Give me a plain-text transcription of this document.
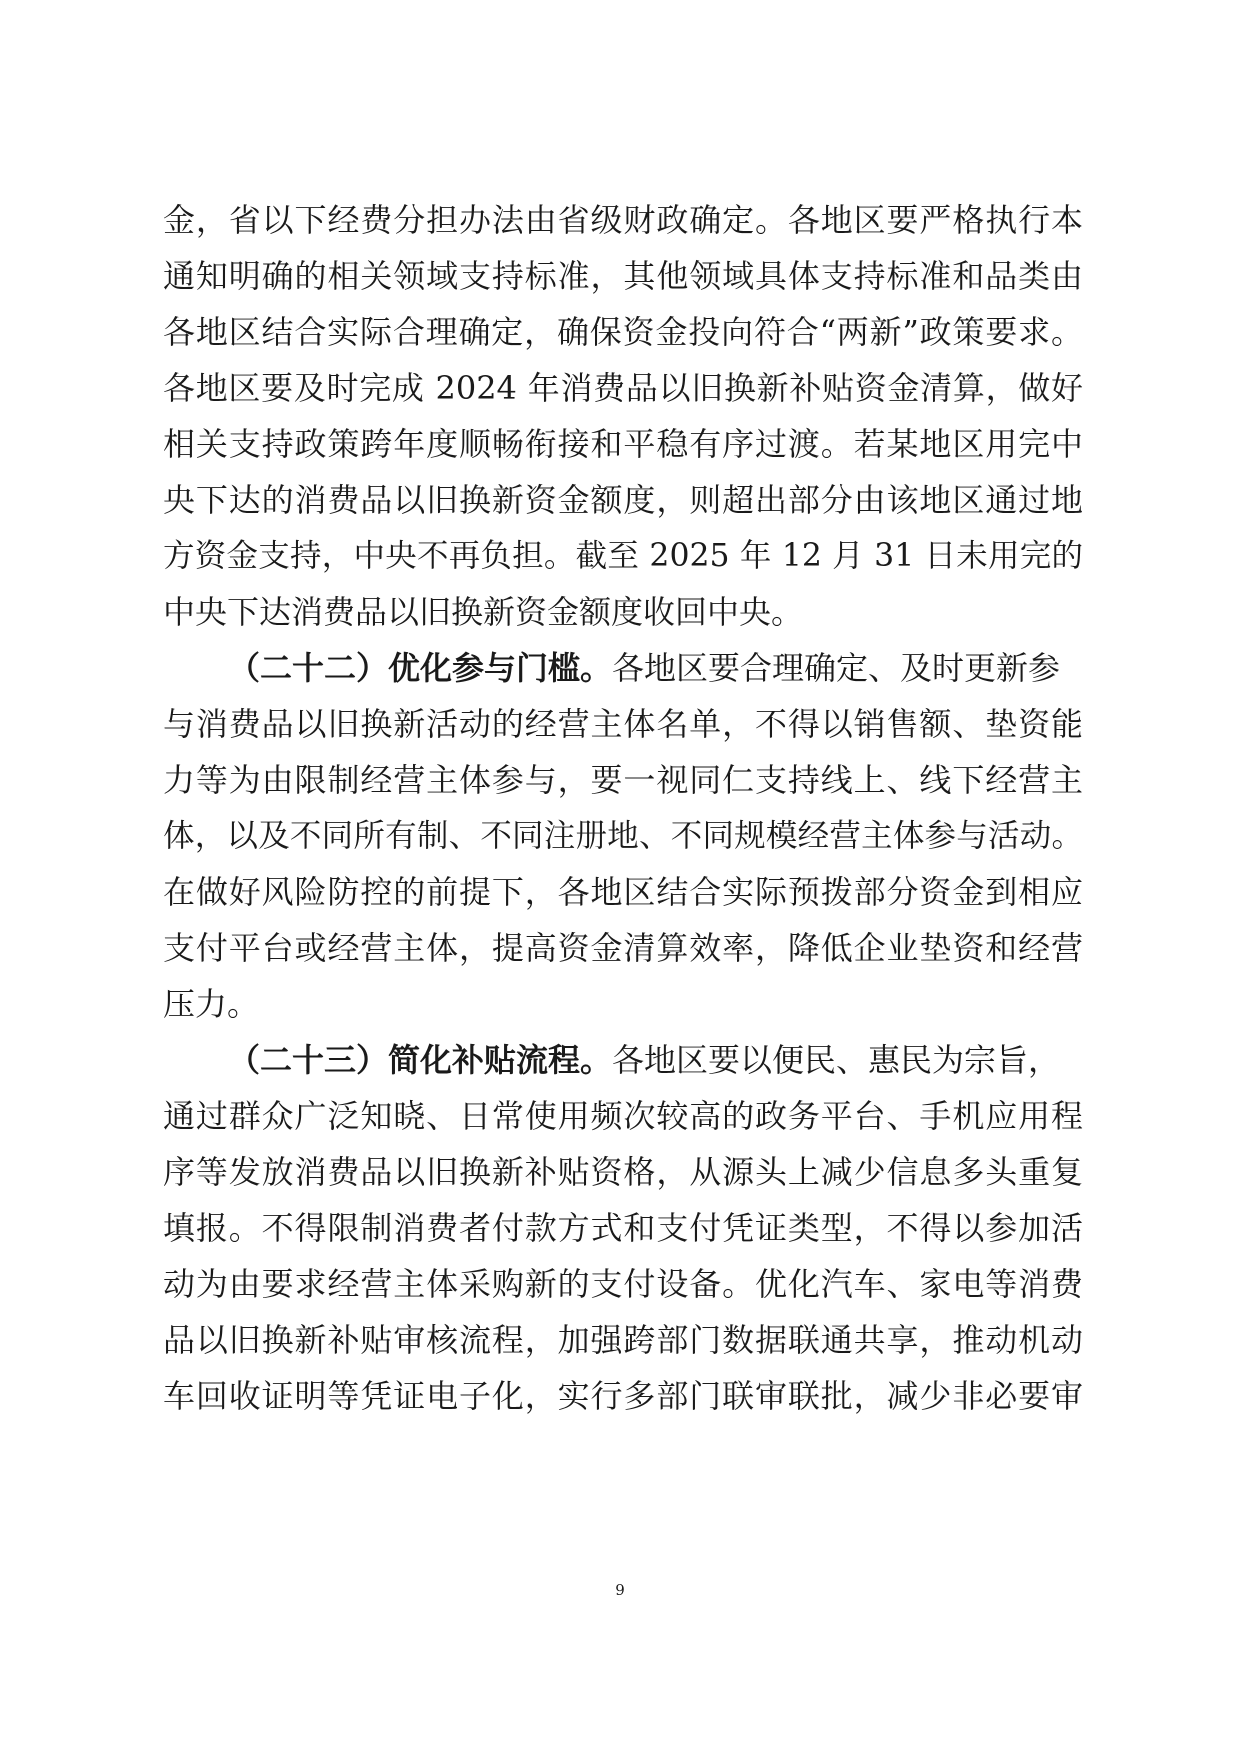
金，省以下经费分担办法由省级财政确定。各地区要严格执行本
通知明确的相关领域支持标准，其他领域具体支持标准和品类由
各地区结合实际合理确定，确保资金投向符合“两新”政策要求。
各地区要及时完成 2024 年消费品以旧换新补贴资金清算，做好
相关支持政策跨年度顺畅衔接和平稳有序过渡。若某地区用完中
央下达的消费品以旧换新资金额度，则超出部分由该地区通过地
方资金支持，中央不再负担。截至 2025 年 12 月 31 日未用完的
中央下达消费品以旧换新资金额度收回中央。
（二十二）优化参与门槛。各地区要合理确定、及时更新参
与消费品以旧换新活动的经营主体名单，不得以销售额、垫资能
力等为由限制经营主体参与，要一视同仁支持线上、线下经营主
体，以及不同所有制、不同注册地、不同规模经营主体参与活动。
在做好风险防控的前提下，各地区结合实际预拨部分资金到相应
支付平台或经营主体，提高资金清算效率，降低企业垫资和经营
压力。
（二十三）简化补贴流程。各地区要以便民、惠民为宗旨，
通过群众广泛知晓、日常使用频次较高的政务平台、手机应用程
序等发放消费品以旧换新补贴资格，从源头上减少信息多头重复
填报。不得限制消费者付款方式和支付凭证类型，不得以参加活
动为由要求经营主体采购新的支付设备。优化汽车、家电等消费
品以旧换新补贴审核流程，加强跨部门数据联通共享，推动机动
车回收证明等凭证电子化，实行多部门联审联批，减少非必要审
9
